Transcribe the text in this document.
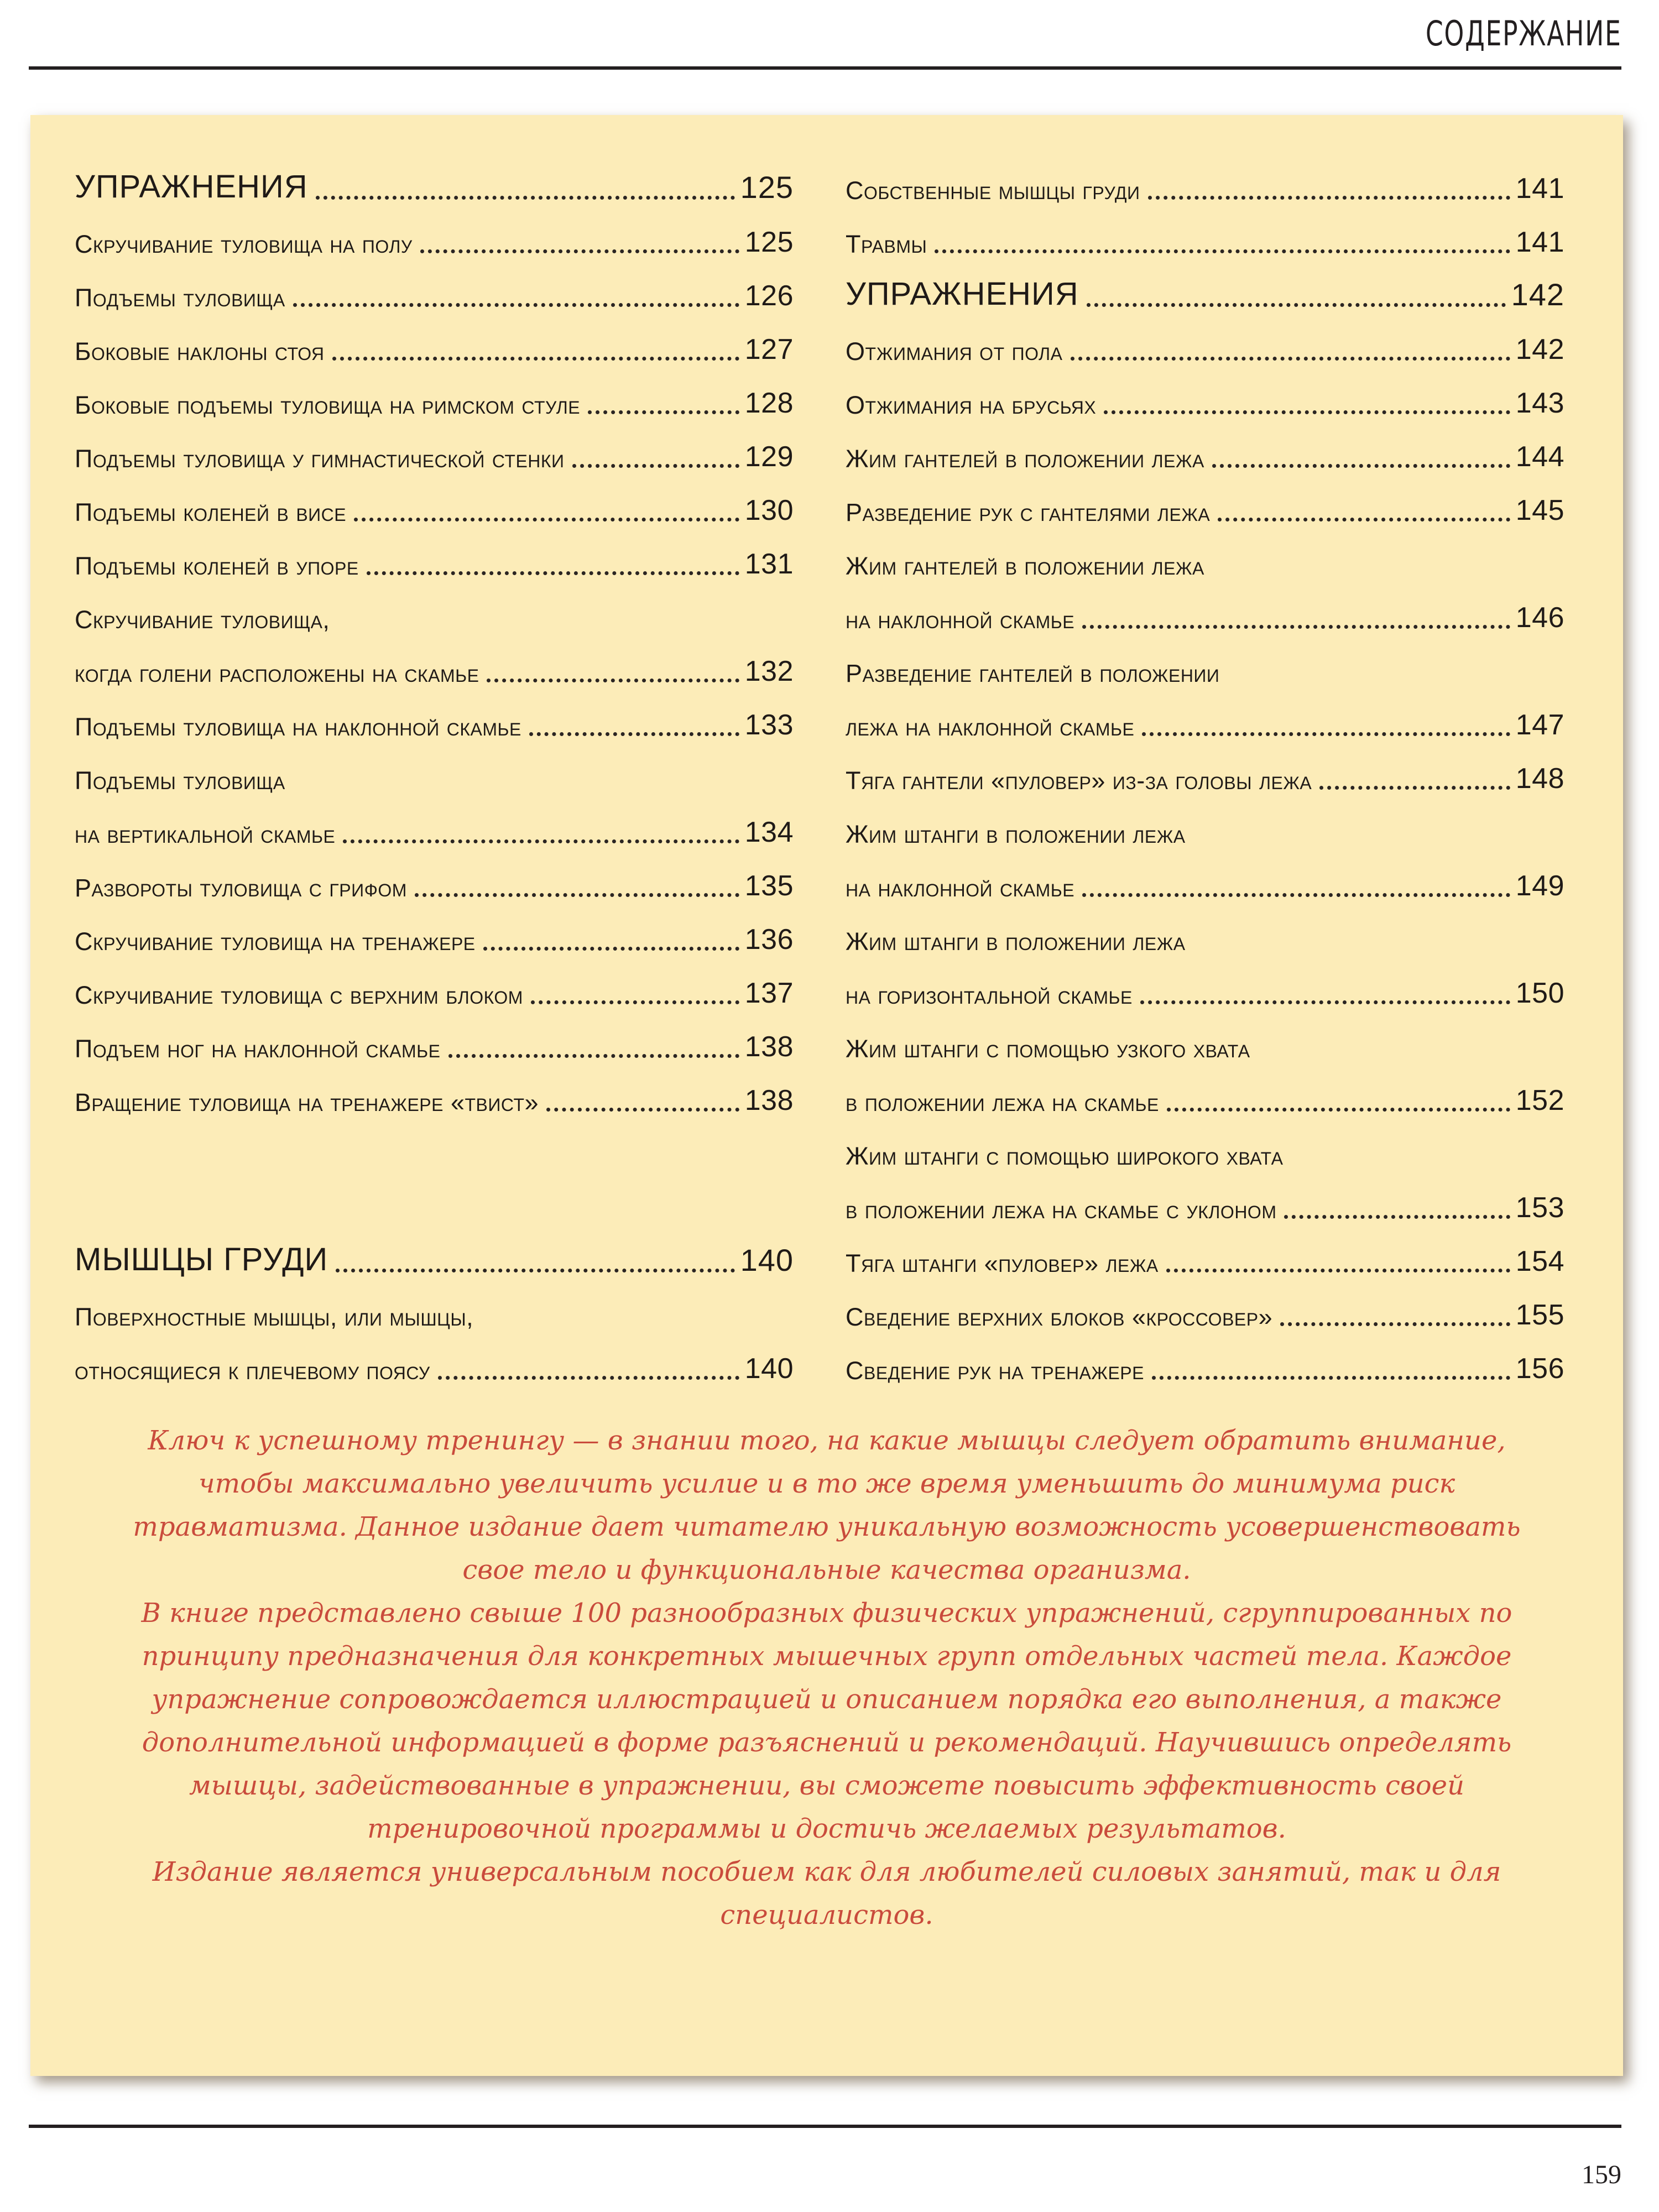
СОДЕРЖАНИЕ
УПРАЖНЕНИЯ	125
Скручивание туловища на полу	125
Подъемы туловища	126
Боковые наклоны стоя	127
Боковые подъемы туловища на римском стуле	128
Подъемы туловища у гимнастической стенки	129
Подъемы коленей в висе	130
Подъемы коленей в упоре	131
Скручивание туловища,
когда голени расположены на скамье	132
Подъемы туловища на наклонной скамье	133
Подъемы туловища
на вертикальной скамье	134
Развороты туловища с грифом	135
Скручивание туловища на тренажере	136
Скручивание туловища с верхним блоком	137
Подъем ног на наклонной скамье	138
Вращение туловища на тренажере «твист»	138
МЫШЦЫ ГРУДИ	140
Поверхностные мышцы, или мышцы,
относящиеся к плечевому поясу	140
Собственные мышцы груди	141
Травмы	141
УПРАЖНЕНИЯ	142
Отжимания от пола	142
Отжимания на брусьях	143
Жим гантелей в положении лежа	144
Разведение рук с гантелями лежа	145
Жим гантелей в положении лежа
на наклонной скамье	146
Разведение гантелей в положении
лежа на наклонной скамье	147
Тяга гантели «пуловер» из-за головы лежа	148
Жим штанги в положении лежа
на наклонной скамье	149
Жим штанги в положении лежа
на горизонтальной скамье	150
Жим штанги с помощью узкого хвата
в положении лежа на скамье	152
Жим штанги с помощью широкого хвата
в положении лежа на скамье с уклоном	153
Тяга штанги «пуловер» лежа	154
Сведение верхних блоков «кроссовер»	155
Сведение рук на тренажере	156

Ключ к успешному тренингу — в знании того, на какие мышцы следует обратить внимание, чтобы максимально увеличить усилие и в то же время уменьшить до минимума риск травматизма. Данное издание дает читателю уникальную возможность усовершенствовать свое тело и функциональные качества организма.

В книге представлено свыше 100 разнообразных физических упражнений, сгруппированных по принципу предназначения для конкретных мышечных групп отдельных частей тела. Каждое упражнение сопровождается иллюстрацией и описанием порядка его выполнения, а также дополнительной информацией в форме разъяснений и рекомендаций. Научившись определять мышцы, задействованные в упражнении, вы сможете повысить эффективность своей тренировочной программы и достичь желаемых результатов.

Издание является универсальным пособием как для любителей силовых занятий, так и для специалистов.

159
